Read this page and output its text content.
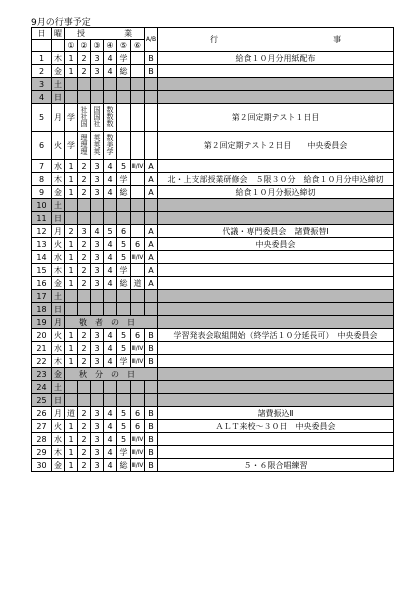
9月の行事予定
日	曜	授 業						A/B	行 事
		①	②	③	④	⑤	⑥		
1	木	1	2	3	4	学		B	給食１０月分用紙配布
2	金	1	2	3	4	総		B	
3	土								
4	日								
5	月	学	社社国	国国社	数数数				第２回定期テスト１日目
6	火	学	理理理	英英英	数美学				第２回定期テスト２日目　　中央委員会
7	水	1	2	3	4	5	Ⅲ/Ⅳ	A	
8	木	1	2	3	4	学		A	北・上支部授業研修会　５限３０分　給食１０月分申込締切
9	金	1	2	3	4	総		A	給食１０月分振込締切
10	土								
11	日								
12	月	2	3	4	5	6		A	代議・専門委員会　諸費振替Ⅰ
13	火	1	2	3	4	5	6	A	中央委員会
14	水	1	2	3	4	5	Ⅲ/Ⅳ	A	
15	木	1	2	3	4	学		A	
16	金	1	2	3	4	総	道	A	
17	土								
18	日								
19	月	敬者の日							
20	火	1	2	3	4	5	6	B	学習発表会取組開始（終学活１０分延長可）　中央委員会
21	水	1	2	3	4	5	Ⅲ/Ⅳ	B	
22	木	1	2	3	4	学	Ⅲ/Ⅳ	B	
23	金	秋分の日							
24	土								
25	日								
26	月	道	2	3	4	5	6	B	諸費振込Ⅱ
27	火	1	2	3	4	5	6	B	ＡＬＴ来校〜３０日　中央委員会
28	水	1	2	3	4	5	Ⅲ/Ⅳ	B	
29	木	1	2	3	4	学	Ⅲ/Ⅳ	B	
30	金	1	2	3	4	総	Ⅲ/Ⅳ	B	５・６限合唱練習
